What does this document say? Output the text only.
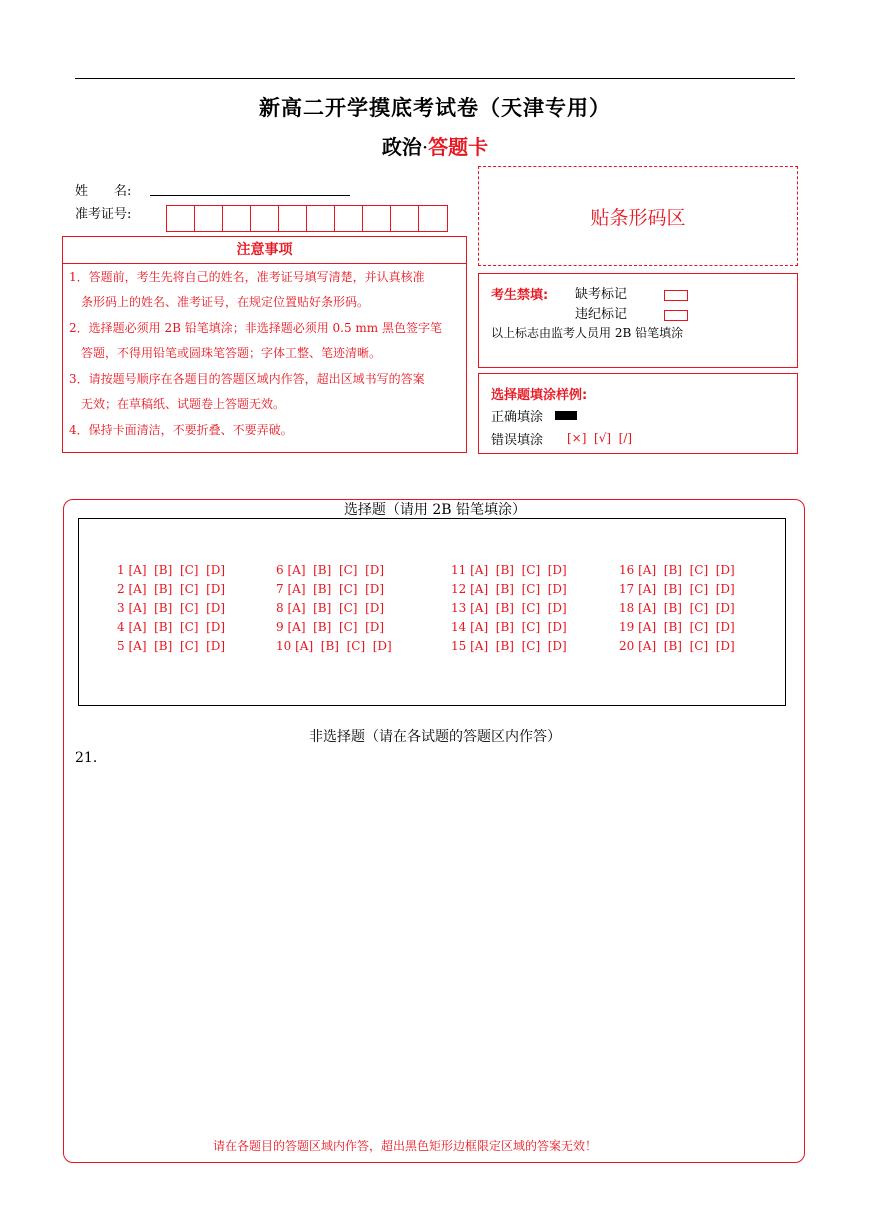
新高二开学摸底考试卷（天津专用）
政治·答题卡
姓　　名:
准考证号:
注意事项
1．答题前，考生先将自己的姓名，准考证号填写清楚，并认真核准
　条形码上的姓名、准考证号，在规定位置贴好条形码。
2．选择题必须用 2B 铅笔填涂；非选择题必须用 0.5 mm 黑色签字笔
　答题，不得用铅笔或圆珠笔答题；字体工整、笔迹清晰。
3．请按题号顺序在各题目的答题区域内作答，超出区域书写的答案
　无效；在草稿纸、试题卷上答题无效。
4．保持卡面清洁，不要折叠、不要弄破。
贴条形码区
考生禁填: 缺考标记
违纪标记
以上标志由监考人员用 2B 铅笔填涂
选择题填涂样例:
正确填涂
错误填涂 [×]  [√]  [/]
选择题（请用 2B 铅笔填涂）
1 [A]  [B]  [C]  [D]
2 [A]  [B]  [C]  [D]
3 [A]  [B]  [C]  [D]
4 [A]  [B]  [C]  [D]
5 [A]  [B]  [C]  [D]
6 [A]  [B]  [C]  [D]
7 [A]  [B]  [C]  [D]
8 [A]  [B]  [C]  [D]
9 [A]  [B]  [C]  [D]
10 [A]  [B]  [C]  [D]
11 [A]  [B]  [C]  [D]
12 [A]  [B]  [C]  [D]
13 [A]  [B]  [C]  [D]
14 [A]  [B]  [C]  [D]
15 [A]  [B]  [C]  [D]
16 [A]  [B]  [C]  [D]
17 [A]  [B]  [C]  [D]
18 [A]  [B]  [C]  [D]
19 [A]  [B]  [C]  [D]
20 [A]  [B]  [C]  [D]
非选择题（请在各试题的答题区内作答）
21.
请在各题目的答题区域内作答，超出黑色矩形边框限定区域的答案无效！
